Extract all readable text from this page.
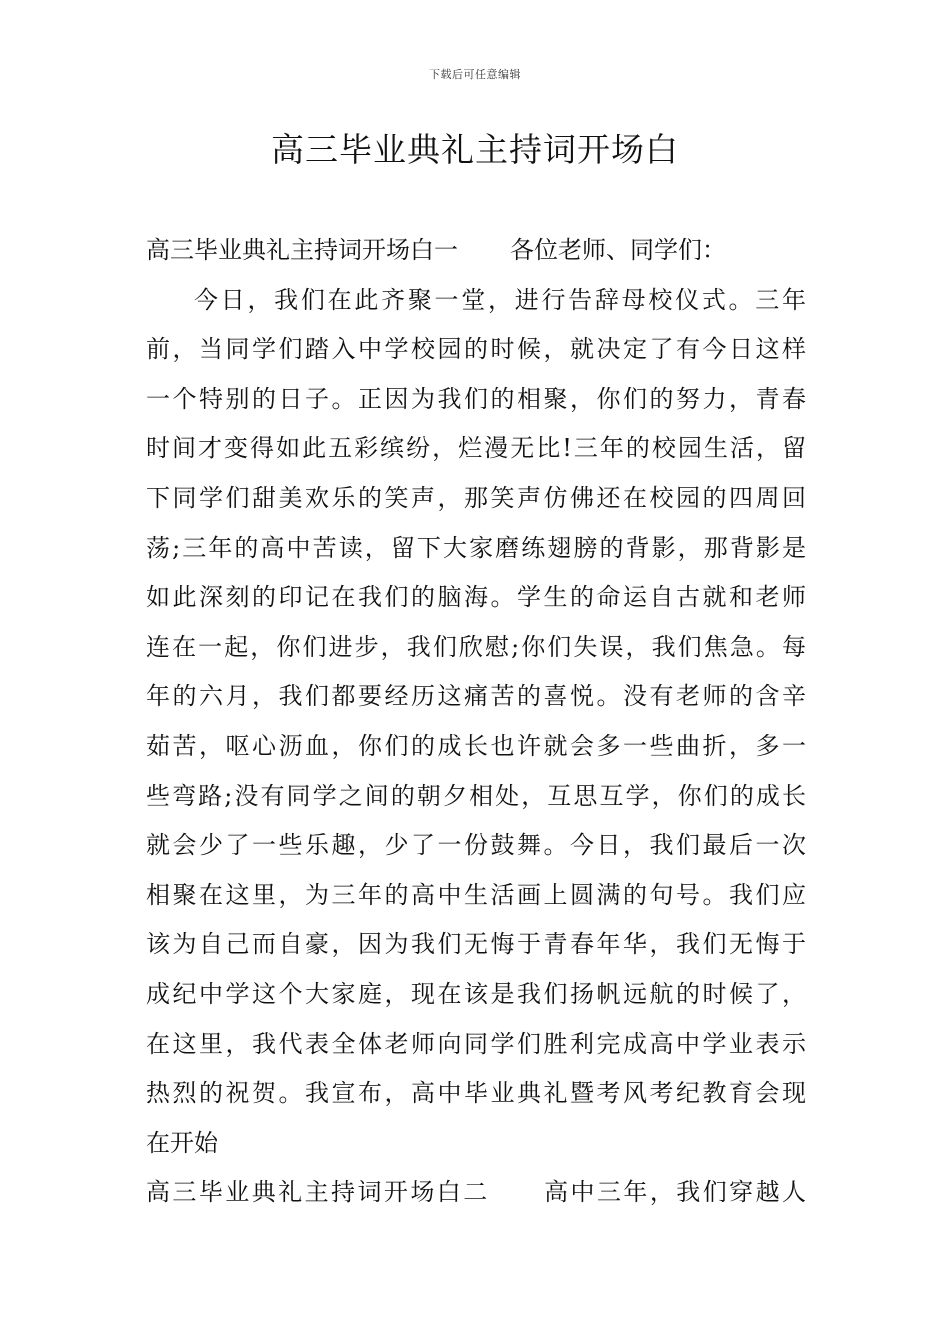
下载后可任意编辑
高三毕业典礼主持词开场白
高三毕业典礼主持词开场白一 各位老师、同学们：
今日，我们在此齐聚一堂，进行告辞母校仪式。三年
前，当同学们踏入中学校园的时候，就决定了有今日这样
一个特别的日子。正因为我们的相聚，你们的努力，青春
时间才变得如此五彩缤纷，烂漫无比!三年的校园生活，留
下同学们甜美欢乐的笑声，那笑声仿佛还在校园的四周回
荡;三年的高中苦读，留下大家磨练翅膀的背影，那背影是
如此深刻的印记在我们的脑海。学生的命运自古就和老师
连在一起，你们进步，我们欣慰;你们失误，我们焦急。每
年的六月，我们都要经历这痛苦的喜悦。没有老师的含辛
茹苦，呕心沥血，你们的成长也许就会多一些曲折，多一
些弯路;没有同学之间的朝夕相处，互思互学，你们的成长
就会少了一些乐趣，少了一份鼓舞。今日，我们最后一次
相聚在这里，为三年的高中生活画上圆满的句号。我们应
该为自己而自豪，因为我们无悔于青春年华，我们无悔于
成纪中学这个大家庭，现在该是我们扬帆远航的时候了，
在这里，我代表全体老师向同学们胜利完成高中学业表示
热烈的祝贺。我宣布，高中毕业典礼暨考风考纪教育会现
在开始
高三毕业典礼主持词开场白二 高中三年，我们穿越人
